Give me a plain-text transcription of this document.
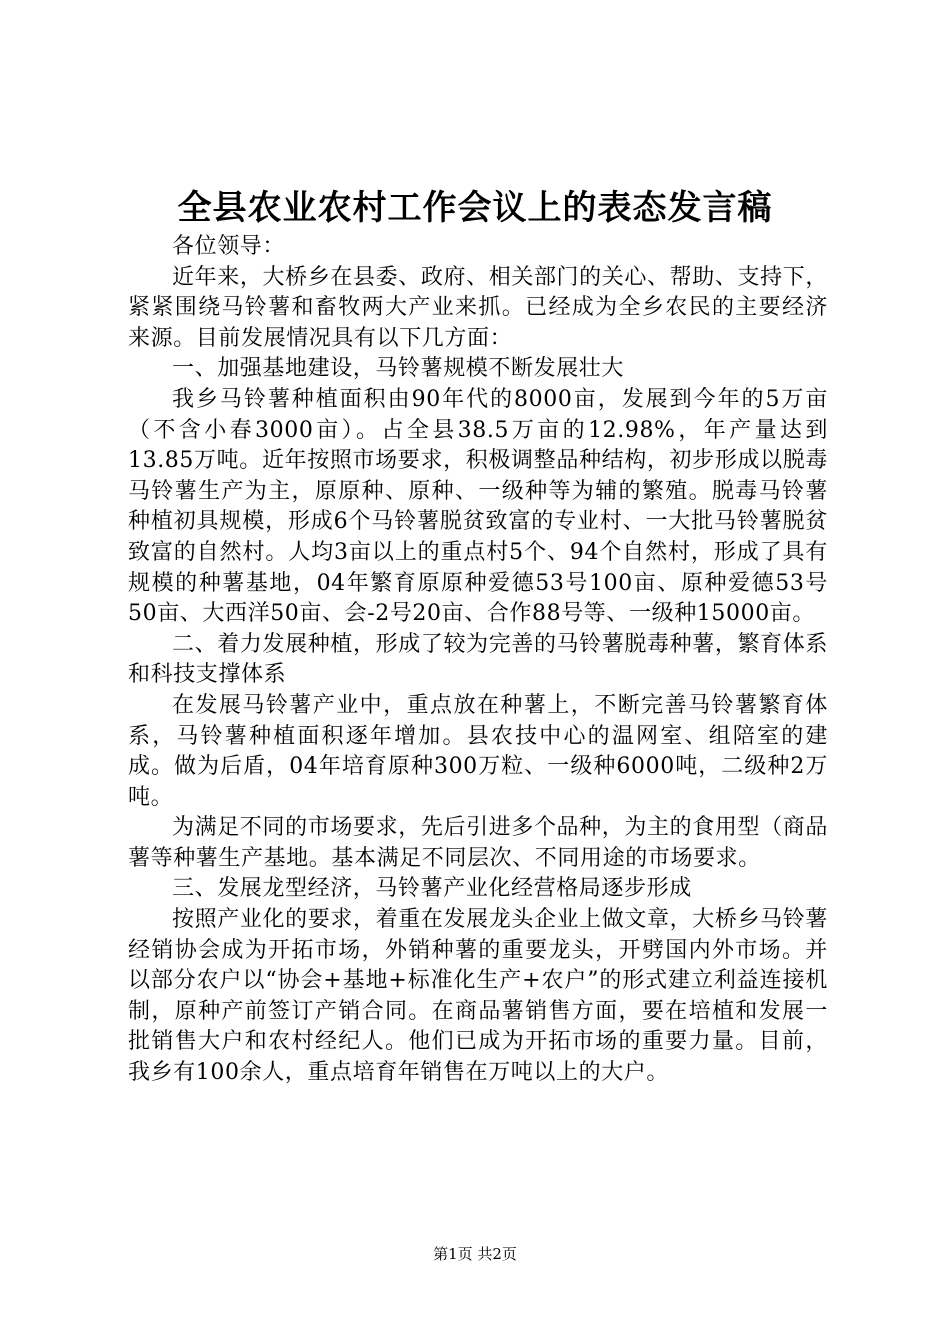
全县农业农村工作会议上的表态发言稿

各位领导：

近年来，大桥乡在县委、政府、相关部门的关心、帮助、支持下，紧紧围绕马铃薯和畜牧两大产业来抓。已经成为全乡农民的主要经济来源。目前发展情况具有以下几方面：

一、加强基地建设，马铃薯规模不断发展壮大

我乡马铃薯种植面积由90年代的8000亩，发展到今年的5万亩（不含小春3000亩）。占全县38.5万亩的12.98%，年产量达到13.85万吨。近年按照市场要求，积极调整品种结构，初步形成以脱毒马铃薯生产为主，原原种、原种、一级种等为辅的繁殖。脱毒马铃薯种植初具规模，形成6个马铃薯脱贫致富的专业村、一大批马铃薯脱贫致富的自然村。人均3亩以上的重点村5个、94个自然村，形成了具有规模的种薯基地，04年繁育原原种爱德53号100亩、原种爱德53号50亩、大西洋50亩、会-2号20亩、合作88号等、一级种15000亩。

二、着力发展种植，形成了较为完善的马铃薯脱毒种薯，繁育体系和科技支撑体系

在发展马铃薯产业中，重点放在种薯上，不断完善马铃薯繁育体系，马铃薯种植面积逐年增加。县农技中心的温网室、组陪室的建成。做为后盾，04年培育原种300万粒、一级种6000吨，二级种2万吨。

为满足不同的市场要求，先后引进多个品种，为主的食用型（商品薯等种薯生产基地。基本满足不同层次、不同用途的市场要求。

三、发展龙型经济，马铃薯产业化经营格局逐步形成

按照产业化的要求，着重在发展龙头企业上做文章，大桥乡马铃薯经销协会成为开拓市场，外销种薯的重要龙头，开劈国内外市场。并以部分农户以“协会+基地+标准化生产+农户”的形式建立利益连接机制，原种产前签订产销合同。在商品薯销售方面，要在培植和发展一批销售大户和农村经纪人。他们已成为开拓市场的重要力量。目前，我乡有100余人，重点培育年销售在万吨以上的大户。

第1页 共2页
